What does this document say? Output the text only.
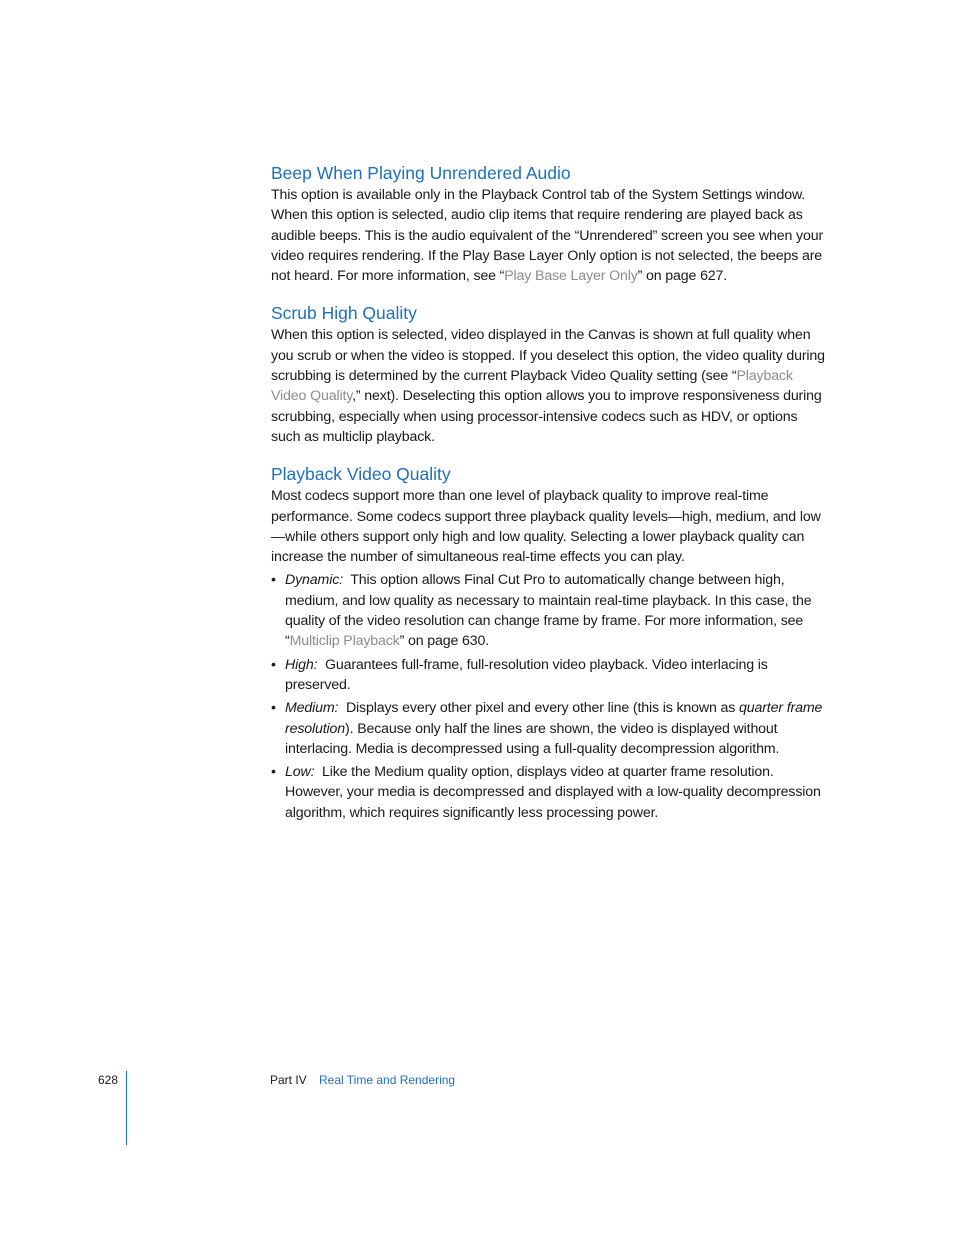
Beep When Playing Unrendered Audio

This option is available only in the Playback Control tab of the System Settings window. When this option is selected, audio clip items that require rendering are played back as audible beeps. This is the audio equivalent of the “Unrendered” screen you see when your video requires rendering. If the Play Base Layer Only option is not selected, the beeps are not heard. For more information, see “Play Base Layer Only” on page 627.

Scrub High Quality

When this option is selected, video displayed in the Canvas is shown at full quality when you scrub or when the video is stopped. If you deselect this option, the video quality during scrubbing is determined by the current Playback Video Quality setting (see “Playback Video Quality,” next). Deselecting this option allows you to improve responsiveness during scrubbing, especially when using processor-intensive codecs such as HDV, or options such as multiclip playback.

Playback Video Quality

Most codecs support more than one level of playback quality to improve real-time performance. Some codecs support three playback quality levels—high, medium, and low—while others support only high and low quality. Selecting a lower playback quality can increase the number of simultaneous real-time effects you can play.

• Dynamic: This option allows Final Cut Pro to automatically change between high, medium, and low quality as necessary to maintain real-time playback. In this case, the quality of the video resolution can change frame by frame. For more information, see “Multiclip Playback” on page 630.
• High: Guarantees full-frame, full-resolution video playback. Video interlacing is preserved.
• Medium: Displays every other pixel and every other line (this is known as quarter frame resolution). Because only half the lines are shown, the video is displayed without interlacing. Media is decompressed using a full-quality decompression algorithm.
• Low: Like the Medium quality option, displays video at quarter frame resolution. However, your media is decompressed and displayed with a low-quality decompression algorithm, which requires significantly less processing power.
628	Part IV Real Time and Rendering
